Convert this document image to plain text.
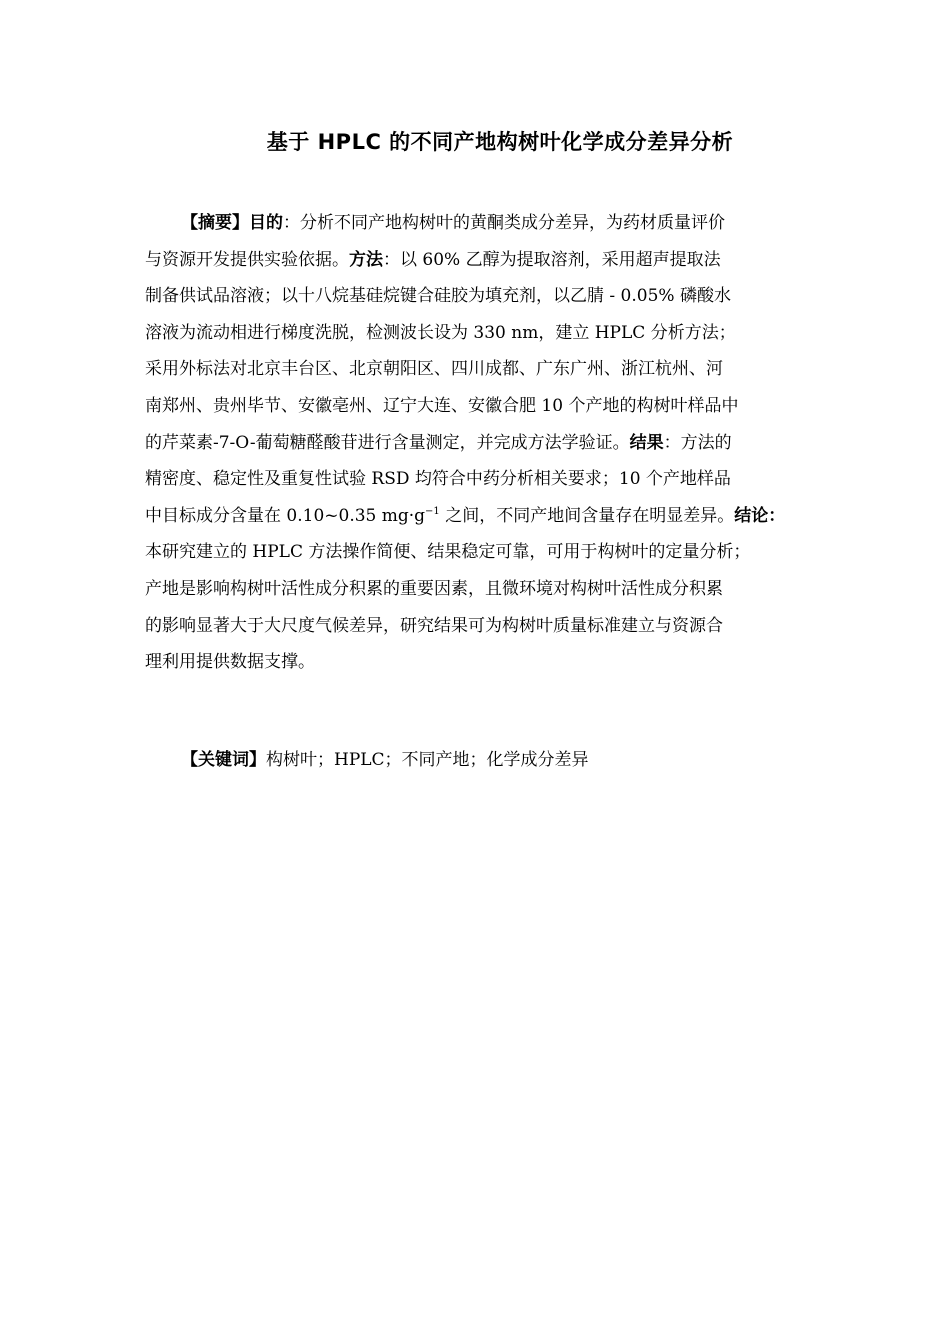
基于 HPLC 的不同产地构树叶化学成分差异分析
【摘要】目的：分析不同产地构树叶的黄酮类成分差异，为药材质量评价
与资源开发提供实验依据。方法：以 60% 乙醇为提取溶剂，采用超声提取法
制备供试品溶液；以十八烷基硅烷键合硅胶为填充剂，以乙腈 - 0.05% 磷酸水
溶液为流动相进行梯度洗脱，检测波长设为 330 nm，建立 HPLC 分析方法；
采用外标法对北京丰台区、北京朝阳区、四川成都、广东广州、浙江杭州、河
南郑州、贵州毕节、安徽亳州、辽宁大连、安徽合肥 10 个产地的构树叶样品中
的芹菜素-7-O-葡萄糖醛酸苷进行含量测定，并完成方法学验证。结果：方法的
精密度、稳定性及重复性试验 RSD 均符合中药分析相关要求；10 个产地样品
中目标成分含量在 0.10~0.35 $mg\cdot g^{-1}$ 之间，不同产地间含量存在明显差异。结论：
本研究建立的 HPLC 方法操作简便、结果稳定可靠，可用于构树叶的定量分析；
产地是影响构树叶活性成分积累的重要因素，且微环境对构树叶活性成分积累
的影响显著大于大尺度气候差异，研究结果可为构树叶质量标准建立与资源合
理利用提供数据支撑。
【关键词】构树叶；HPLC；不同产地；化学成分差异
